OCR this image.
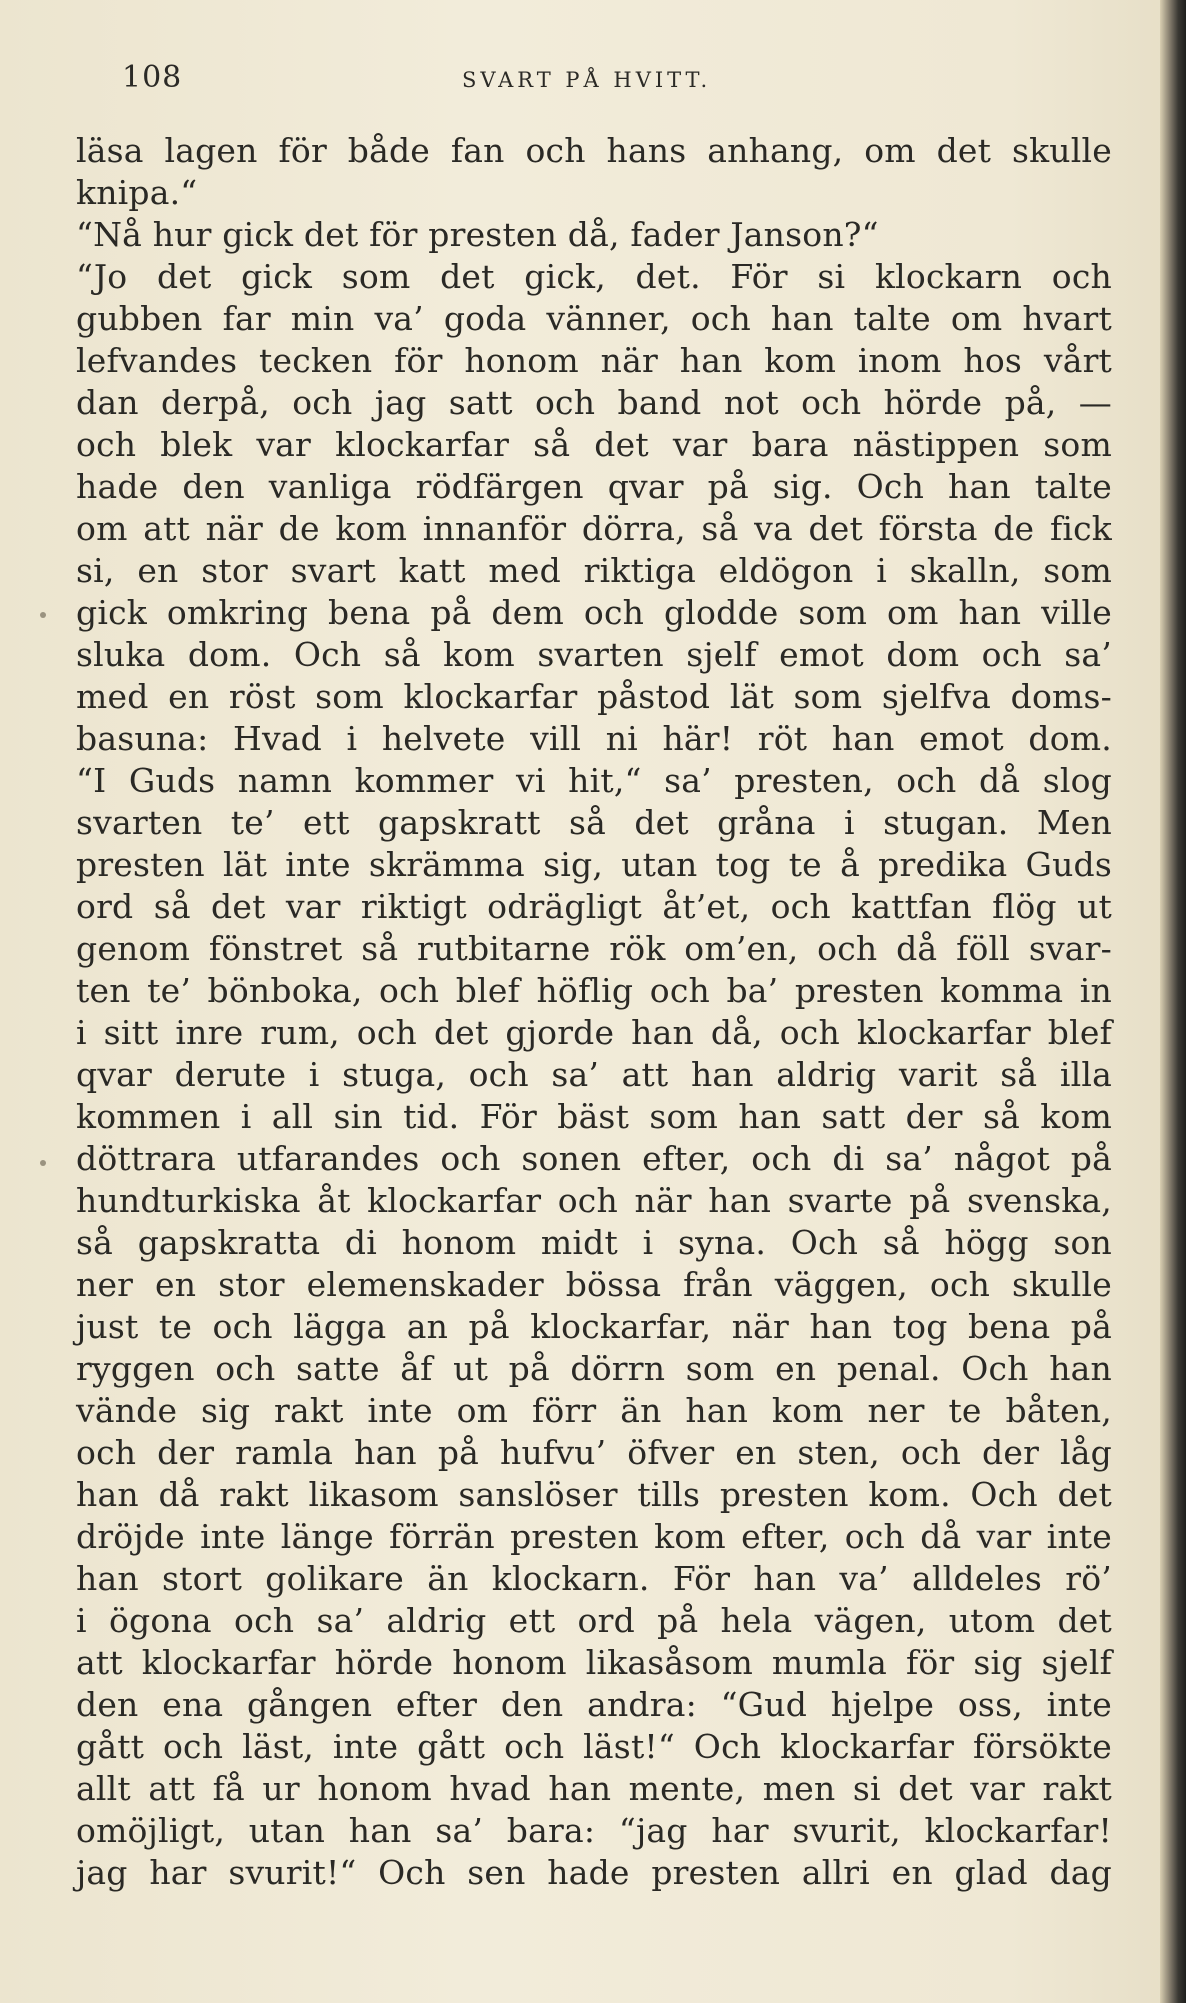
108	SVART PÅ HVITT.
läsa lagen för både fan och hans anhang, om det skulle
knipa.“
“Nå hur gick det för presten då, fader Janson?“
“Jo det gick som det gick, det. För si klockarn och
gubben far min va’ goda vänner, och han talte om hvart
lefvandes tecken för honom när han kom inom hos vårt
dan derpå, och jag satt och band not och hörde på, —
och blek var klockarfar så det var bara nästippen som
hade den vanliga rödfärgen qvar på sig. Och han talte
om att när de kom innanför dörra, så va det första de fick
si, en stor svart katt med riktiga eldögon i skalln, som
gick omkring bena på dem och glodde som om han ville
sluka dom. Och så kom svarten sjelf emot dom och sa’
med en röst som klockarfar påstod lät som sjelfva doms-
basuna: Hvad i helvete vill ni här! röt han emot dom.
“I Guds namn kommer vi hit,“ sa’ presten, och då slog
svarten te’ ett gapskratt så det gråna i stugan. Men
presten lät inte skrämma sig, utan tog te å predika Guds
ord så det var riktigt odrägligt åt’et, och kattfan flög ut
genom fönstret så rutbitarne rök om’en, och då föll svar-
ten te’ bönboka, och blef höflig och ba’ presten komma in
i sitt inre rum, och det gjorde han då, och klockarfar blef
qvar derute i stuga, och sa’ att han aldrig varit så illa
kommen i all sin tid. För bäst som han satt der så kom
döttrara utfarandes och sonen efter, och di sa’ något på
hundturkiska åt klockarfar och när han svarte på svenska,
så gapskratta di honom midt i syna. Och så högg son
ner en stor elemenskader bössa från väggen, och skulle
just te och lägga an på klockarfar, när han tog bena på
ryggen och satte åf ut på dörrn som en penal. Och han
vände sig rakt inte om förr än han kom ner te båten,
och der ramla han på hufvu’ öfver en sten, och der låg
han då rakt likasom sanslöser tills presten kom. Och det
dröjde inte länge förrän presten kom efter, och då var inte
han stort golikare än klockarn. För han va’ alldeles rö’
i ögona och sa’ aldrig ett ord på hela vägen, utom det
att klockarfar hörde honom likasåsom mumla för sig sjelf
den ena gången efter den andra: “Gud hjelpe oss, inte
gått och läst, inte gått och läst!“ Och klockarfar försökte
allt att få ur honom hvad han mente, men si det var rakt
omöjligt, utan han sa’ bara: “jag har svurit, klockarfar!
jag har svurit!“ Och sen hade presten allri en glad dag
